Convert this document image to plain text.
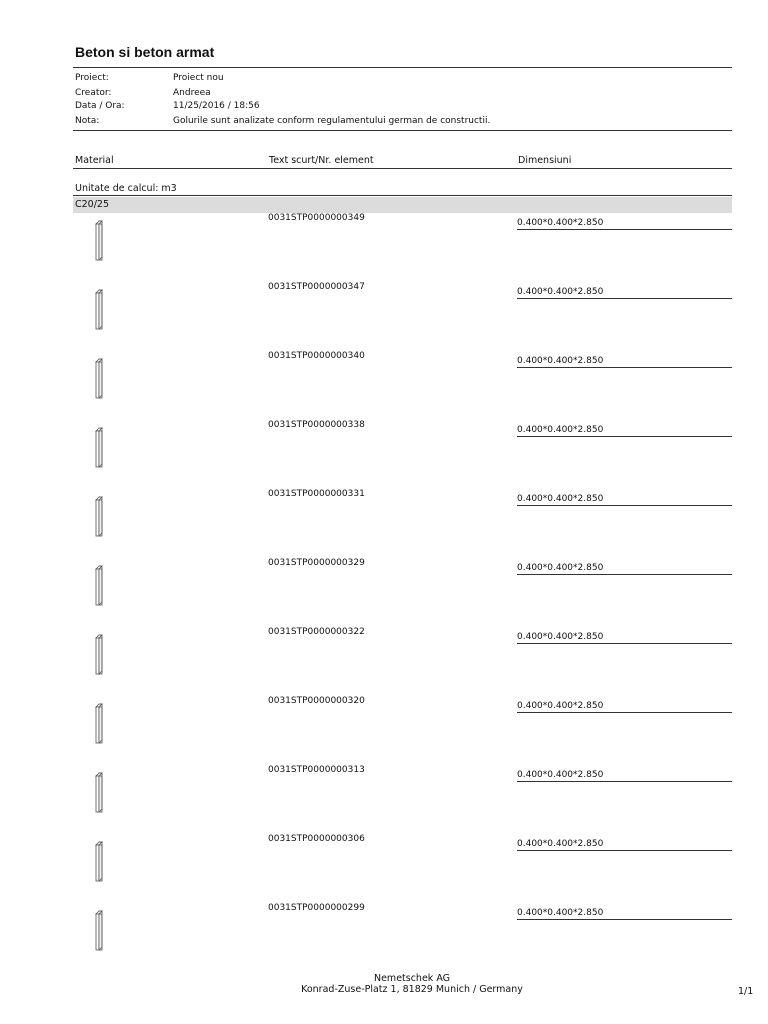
Beton si beton armat
Proiect:	Proiect nou
Creator:	Andreea
Data / Ora:	11/25/2016 / 18:56
Nota:	Golurile sunt analizate conform regulamentului german de constructii.
Material	Text scurt/Nr. element	Dimensiuni
Unitate de calcul: m3
C20/25
0031STP0000000349	0.400*0.400*2.850
0031STP0000000347	0.400*0.400*2.850
0031STP0000000340	0.400*0.400*2.850
0031STP0000000338	0.400*0.400*2.850
0031STP0000000331	0.400*0.400*2.850
0031STP0000000329	0.400*0.400*2.850
0031STP0000000322	0.400*0.400*2.850
0031STP0000000320	0.400*0.400*2.850
0031STP0000000313	0.400*0.400*2.850
0031STP0000000306	0.400*0.400*2.850
0031STP0000000299	0.400*0.400*2.850
Nemetschek AG
Konrad-Zuse-Platz 1, 81829 Munich / Germany	1/1
